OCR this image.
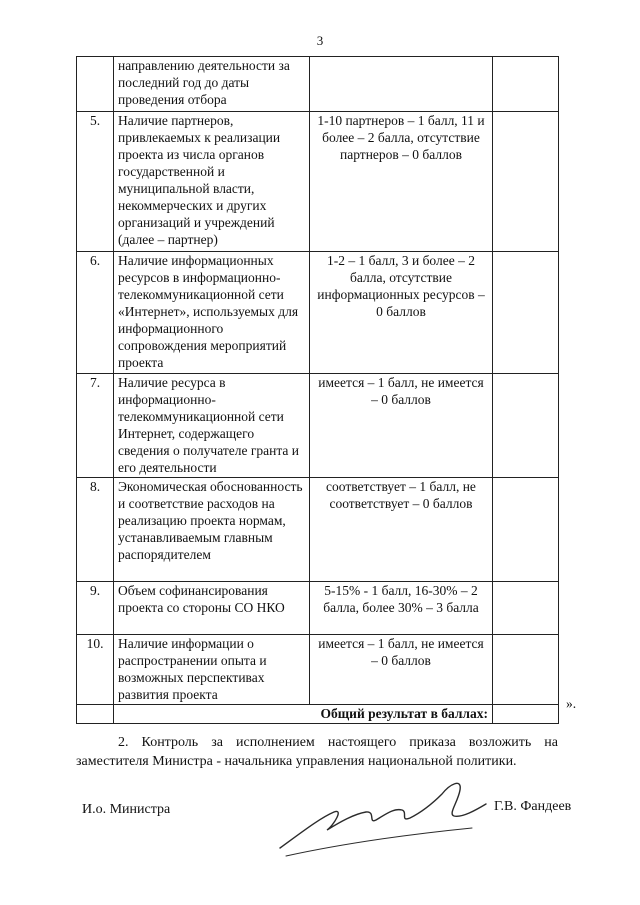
3
	направлению деятельности за последний год до даты проведения отбора		
5.	Наличие партнеров, привлекаемых к реализации проекта из числа органов государственной и муниципальной власти, некоммерческих и других организаций и учреждений (далее – партнер)	1-10 партнеров – 1 балл, 11 и более – 2 балла, отсутствие партнеров – 0 баллов	
6.	Наличие информационных ресурсов в информационно-телекоммуникационной сети «Интернет», используемых для информационного сопровождения мероприятий проекта	1-2 – 1 балл, 3 и более – 2 балла, отсутствие информационных ресурсов – 0 баллов	
7.	Наличие ресурса в информационно-телекоммуникационной сети Интернет, содержащего сведения о получателе гранта и его деятельности	имеется – 1 балл, не имеется – 0 баллов	
8.	Экономическая обоснованность и соответствие расходов на реализацию проекта нормам, устанавливаемым главным распорядителем	соответствует – 1 балл, не соответствует – 0 баллов	
9.	Объем софинансирования проекта со стороны СО НКО	5-15% - 1 балл, 16-30% – 2 балла, более 30% – 3 балла	
10.	Наличие информации о распространении опыта и возможных перспективах развития проекта	имеется – 1 балл, не имеется – 0 баллов	
	Общий результат в баллах:		
».
2. Контроль за исполнением настоящего приказа возложить на заместителя Министра - начальника управления национальной политики.
И.о. Министра	Г.В. Фандеев
